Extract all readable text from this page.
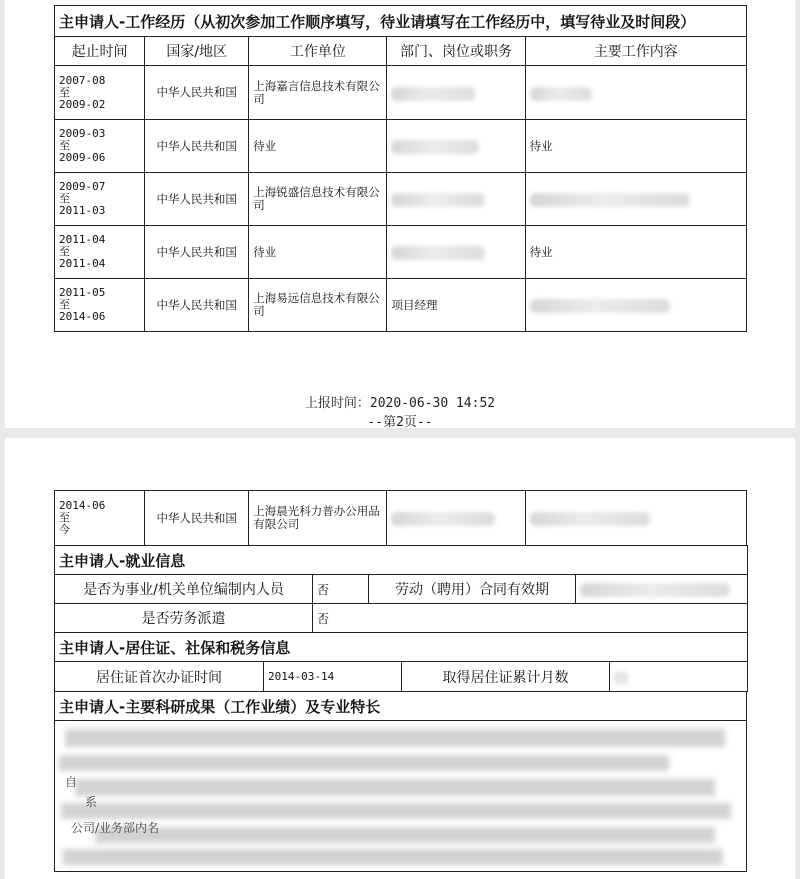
主申请人-工作经历（从初次参加工作顺序填写，待业请填写在工作经历中，填写待业及时间段）				
起止时间	国家/地区	工作单位	部门、岗位或职务	主要工作内容
2007-08
至
2009-02	中华人民共和国	上海嘉言信息技术有限公司		
2009-03
至
2009-06	中华人民共和国	待业		待业
2009-07
至
2011-03	中华人民共和国	上海锐盛信息技术有限公司		
2011-04
至
2011-04	中华人民共和国	待业		待业
2011-05
至
2014-06	中华人民共和国	上海易远信息技术有限公司	项目经理	
上报时间：2020-06-30 14:52
--第2页--
2014-06
至
今	中华人民共和国	上海晨光科力普办公用品有限公司		
主申请人-就业信息			
是否为事业/机关单位编制内人员	否	劳动（聘用）合同有效期	
是否劳务派遣	否		
主申请人-居住证、社保和税务信息
居住证首次办证时间	2014-03-14	取得居住证累计月数	
主申请人-主要科研成果（工作业绩）及专业特长

公司/业务部内名
系
自
